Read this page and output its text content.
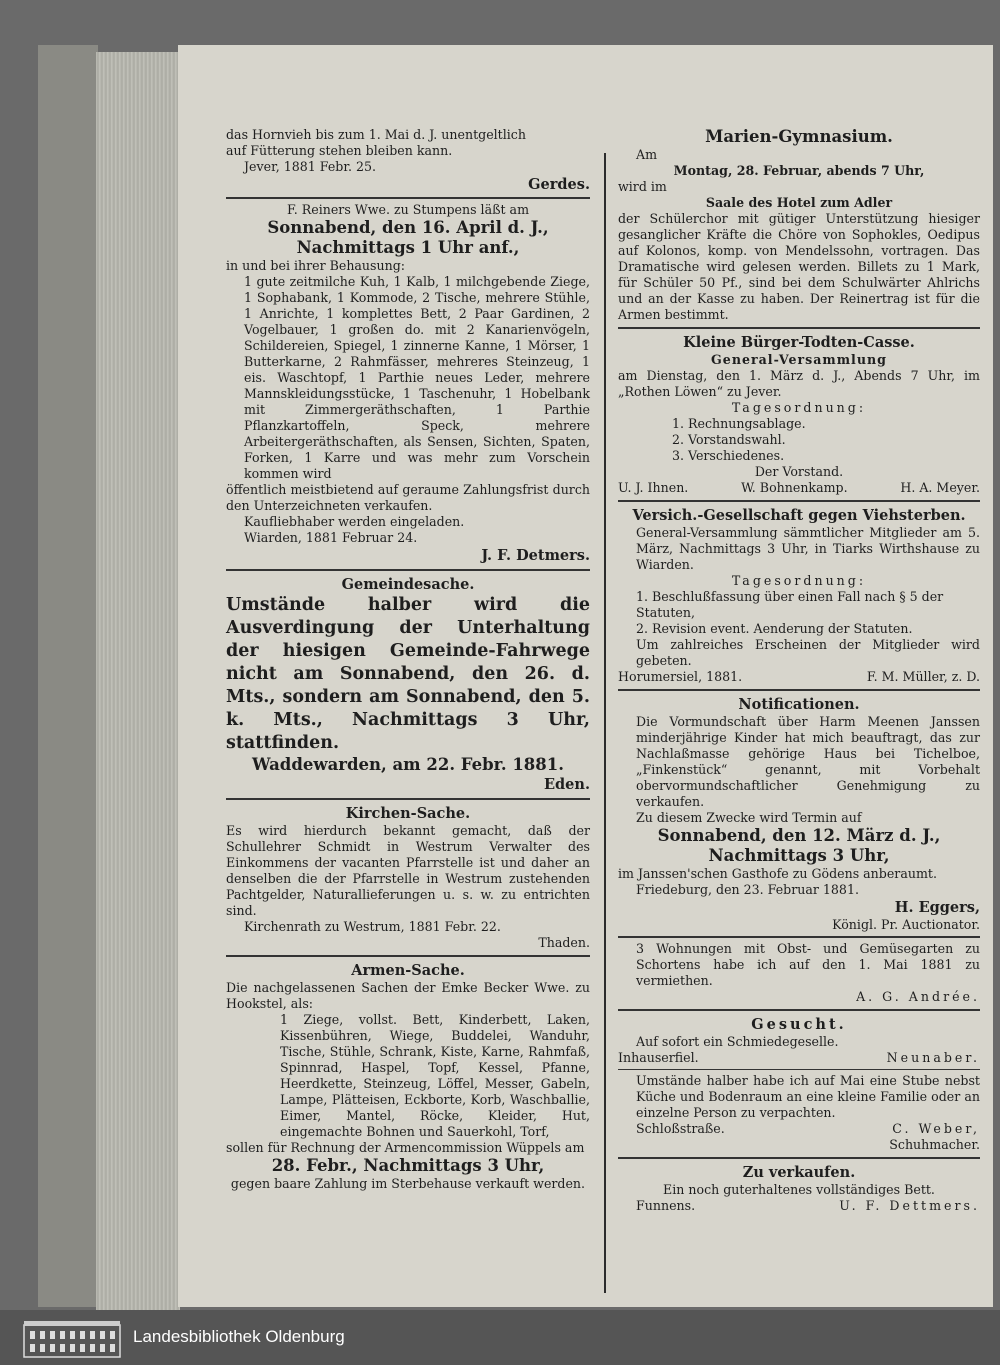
das Hornvieh bis zum 1. Mai d. J. unentgeltlich

auf Fütterung stehen bleiben kann.

Jever, 1881 Febr. 25.

Gerdes.

F. Reiners Wwe. zu Stumpens läßt am

Sonnabend, den 16. April d. J.,

Nachmittags 1 Uhr anf.,

in und bei ihrer Behausung:

1 gute zeitmilche Kuh, 1 Kalb, 1 milchgebende Ziege, 1 Sophabank, 1 Kommode, 2 Tische, mehrere Stühle, 1 Anrichte, 1 komplettes Bett, 2 Paar Gardinen, 2 Vogelbauer, 1 großen do. mit 2 Kanarienvögeln, Schildereien, Spiegel, 1 zinnerne Kanne, 1 Mörser, 1 Butterkarne, 2 Rahmfässer, mehreres Steinzeug, 1 eis. Waschtopf, 1 Parthie neues Leder, mehrere Mannskleidungsstücke, 1 Taschenuhr, 1 Hobelbank mit Zimmergeräthschaften, 1 Parthie Pflanzkartoffeln, Speck, mehrere Arbeitergeräthschaften, als Sensen, Sichten, Spaten, Forken, 1 Karre und was mehr zum Vorschein kommen wird

öffentlich meistbietend auf geraume Zahlungsfrist durch den Unterzeichneten verkaufen.

Kaufliebhaber werden eingeladen.

Wiarden, 1881 Februar 24.

J. F. Detmers.

Gemeindesache.

Umstände halber wird die Ausverdingung der Unterhaltung der hiesigen Gemeinde-Fahrwege nicht am Sonnabend, den 26. d. Mts., sondern am Sonnabend, den 5. k. Mts., Nachmittags 3 Uhr, stattfinden.

Waddewarden, am 22. Febr. 1881.

Eden.

Kirchen-Sache.

Es wird hierdurch bekannt gemacht, daß der Schullehrer Schmidt in Westrum Verwalter des Einkommens der vacanten Pfarrstelle ist und daher an denselben die der Pfarrstelle in Westrum zustehenden Pachtgelder, Naturallieferungen u. s. w. zu entrichten sind.

Kirchenrath zu Westrum, 1881 Febr. 22.

Thaden.

Armen-Sache.

Die nachgelassenen Sachen der Emke Becker Wwe. zu Hookstel, als:

1 Ziege, vollst. Bett, Kinderbett, Laken, Kissenbühren, Wiege, Buddelei, Wanduhr, Tische, Stühle, Schrank, Kiste, Karne, Rahmfaß, Spinnrad, Haspel, Topf, Kessel, Pfanne, Heerdkette, Steinzeug, Löffel, Messer, Gabeln, Lampe, Plätteisen, Eckborte, Korb, Waschballie, Eimer, Mantel, Röcke, Kleider, Hut, eingemachte Bohnen und Sauerkohl, Torf,

sollen für Rechnung der Armencommission Wüppels am

28. Febr., Nachmittags 3 Uhr,

gegen baare Zahlung im Sterbehause verkauft werden.

Marien-Gymnasium.

Am

Montag, 28. Februar, abends 7 Uhr,

wird im

Saale des Hotel zum Adler

der Schülerchor mit gütiger Unterstützung hiesiger gesanglicher Kräfte die Chöre von Sophokles, Oedipus auf Kolonos, komp. von Mendelssohn, vortragen. Das Dramatische wird gelesen werden. Billets zu 1 Mark, für Schüler 50 Pf., sind bei dem Schulwärter Ahlrichs und an der Kasse zu haben. Der Reinertrag ist für die Armen bestimmt.

Kleine Bürger-Todten-Casse.

General-Versammlung

am Dienstag, den 1. März d. J., Abends 7 Uhr, im „Rothen Löwen“ zu Jever.

Tagesordnung:

1. Rechnungsablage.

2. Vorstandswahl.

3. Verschiedenes.

Der Vorstand.

U. J. Ihnen.	W. Bohnenkamp.	H. A. Meyer.

Versich.-Gesellschaft gegen Viehsterben.

General-Versammlung sämmtlicher Mitglieder am 5. März, Nachmittags 3 Uhr, in Tiarks Wirthshause zu Wiarden.

Tagesordnung:

1. Beschlußfassung über einen Fall nach § 5 der Statuten,

2. Revision event. Aenderung der Statuten.

Um zahlreiches Erscheinen der Mitglieder wird gebeten.

Horumersiel, 1881.	F. M. Müller, z. D.

Notificationen.

Die Vormundschaft über Harm Meenen Janssen minderjährige Kinder hat mich beauftragt, das zur Nachlaßmasse gehörige Haus bei Tichelboe, „Finkenstück“ genannt, mit Vorbehalt obervormundschaftlicher Genehmigung zu verkaufen.

Zu diesem Zwecke wird Termin auf

Sonnabend, den 12. März d. J.,

Nachmittags 3 Uhr,

im Janssen'schen Gasthofe zu Gödens anberaumt.

Friedeburg, den 23. Februar 1881.

H. Eggers,

Königl. Pr. Auctionator.

3 Wohnungen mit Obst- und Gemüsegarten zu Schortens habe ich auf den 1. Mai 1881 zu vermiethen.

A. G. Andrée.

Gesucht.

Auf sofort ein Schmiedegeselle.

Inhauserfiel.	Neunaber.

Umstände halber habe ich auf Mai eine Stube nebst Küche und Bodenraum an eine kleine Familie oder an einzelne Person zu verpachten.

Schloßstraße.	C. Weber,

Schuhmacher.

Zu verkaufen.

Ein noch guterhaltenes vollständiges Bett.

Funnens.	U. F. Dettmers.
Landesbibliothek Oldenburg
